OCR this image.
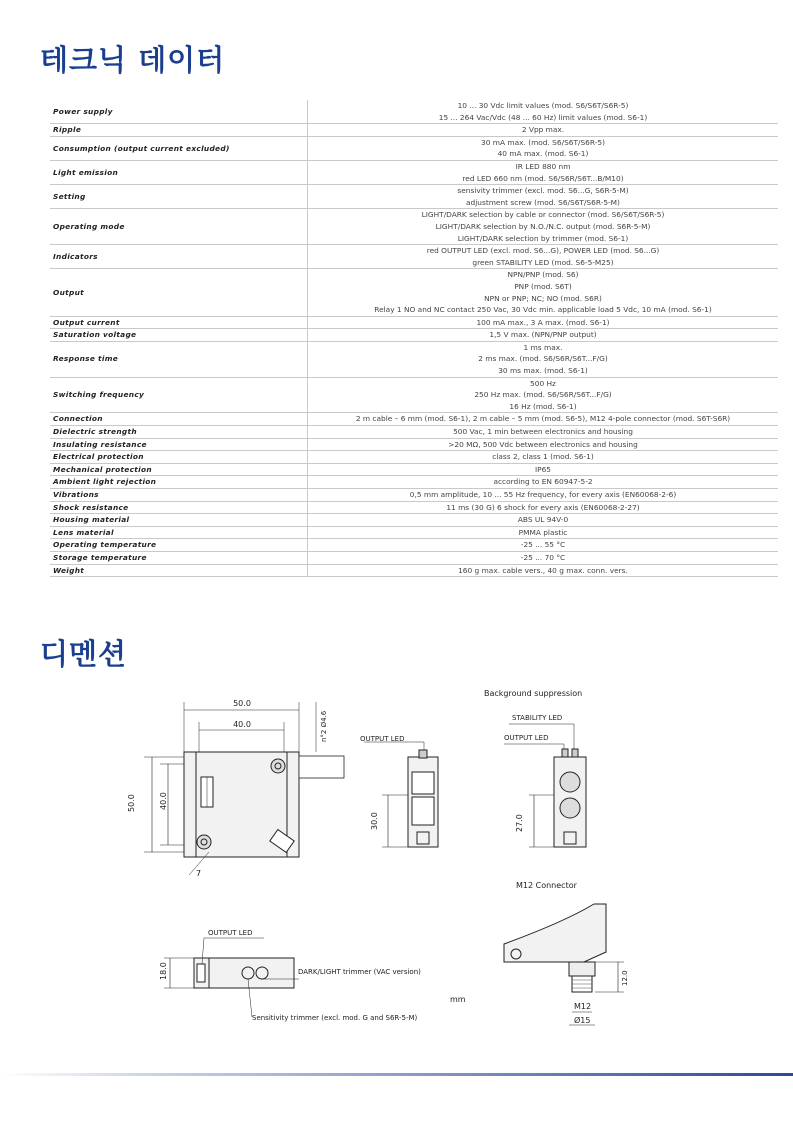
테크닉 데이터
Power supply	10 ... 30 Vdc limit values (mod. S6/S6T/S6R-5)
15 ... 264 Vac/Vdc (48 ... 60 Hz) limit values (mod. S6-1)

Ripple	2 Vpp max.

Consumption (output current excluded)	30 mA max. (mod. S6/S6T/S6R-5)
40 mA max. (mod. S6-1)

Light emission	IR LED 880 nm
red LED 660 nm (mod. S6/S6R/S6T...B/M10)

Setting	sensivity trimmer (excl. mod. S6...G, S6R-5-M)
adjustment screw (mod. S6/S6T/S6R-5-M)

Operating mode	LIGHT/DARK selection by cable or connector (mod. S6/S6T/S6R-5)
LIGHT/DARK selection by N.O./N.C. output (mod. S6R-5-M)
LIGHT/DARK selection by trimmer (mod. S6-1)

Indicators	red OUTPUT LED (excl. mod. S6...G), POWER LED (mod. S6...G)
green STABILITY LED (mod. S6-5-M25)

Output	NPN/PNP (mod. S6)
PNP (mod. S6T)
NPN or PNP; NC; NO (mod. S6R)
Relay 1 NO and NC contact 250 Vac, 30 Vdc min. applicable load 5 Vdc, 10 mA (mod. S6-1)

Output current	100 mA max., 3 A max. (mod. S6-1)

Saturation voltage	1,5 V max. (NPN/PNP output)

Response time	1 ms max.
2 ms max. (mod. S6/S6R/S6T...F/G)
30 ms max. (mod. S6-1)

Switching frequency	500 Hz
250 Hz max. (mod. S6/S6R/S6T...F/G)
16 Hz (mod. S6-1)

Connection	2 m cable – 6 mm (mod. S6-1), 2 m cable – 5 mm (mod. S6-5), M12 4-pole connector (mod. S6T-S6R)

Dielectric strength	500 Vac, 1 min between electronics and housing

Insulating resistance	>20 MΩ, 500 Vdc between electronics and housing

Electrical protection	class 2, class 1 (mod. S6-1)

Mechanical protection	IP65

Ambient light rejection	according to EN 60947-5-2

Vibrations	0,5 mm amplitude, 10 ... 55 Hz frequency, for every axis (EN60068-2-6)

Shock resistance	11 ms (30 G) 6 shock for every axis (EN60068-2-27)

Housing material	ABS UL 94V-0

Lens material	PMMA plastic

Operating temperature	-25 ... 55 °C

Storage temperature	-25 ... 70 °C

Weight	160 g max. cable vers., 40 g max. conn. vers.
디멘션
50.0
40.0	n°2 Ø4.6
50.0	40.0
7
OUTPUT LED
30.0
Background suppression
STABILITY LED
OUTPUT LED
27.0
OUTPUT LED
18.0	DARK/LIGHT trimmer (VAC version)
Sensitivity trimmer (excl. mod. G and S6R-5-M)
mm
M12 Connector
M12
Ø15
12.0
